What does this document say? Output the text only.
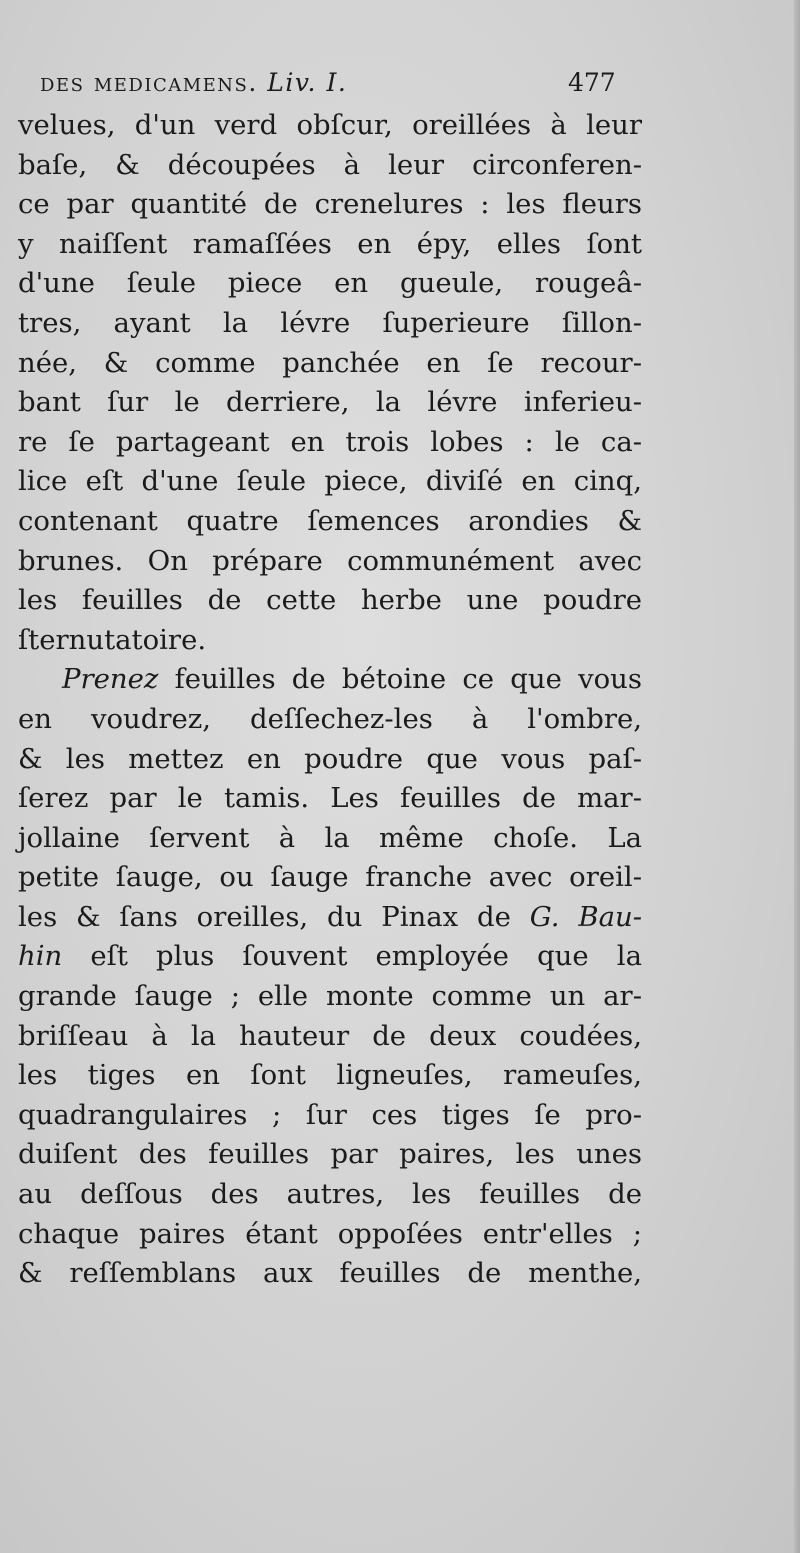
des medicamens. Liv. I.	477
velues, d'un verd obſcur, oreillées à leur
baſe, & découpées à leur circonferen-
ce par quantité de crenelures : les fleurs
y naiſſent ramaſſées en épy, elles ſont
d'une ſeule piece en gueule, rougeâ-
tres, ayant la lévre ſuperieure ſillon-
née, & comme panchée en ſe recour-
bant ſur le derriere, la lévre inferieu-
re ſe partageant en trois lobes : le ca-
lice eſt d'une ſeule piece, diviſé en cinq,
contenant quatre ſemences arondies &
brunes. On prépare communément avec
les feuilles de cette herbe une poudre
ſternutatoire.
Prenez feuilles de bétoine ce que vous
en voudrez, deſſechez-les à l'ombre,
& les mettez en poudre que vous paſ-
ſerez par le tamis. Les feuilles de mar-
jollaine ſervent à la même choſe. La
petite ſauge, ou ſauge franche avec oreil-
les & ſans oreilles, du Pinax de G. Bau-
hin eſt plus ſouvent employée que la
grande ſauge ; elle monte comme un ar-
briſſeau à la hauteur de deux coudées,
les tiges en ſont ligneuſes, rameuſes,
quadrangulaires ; ſur ces tiges ſe pro-
duiſent des feuilles par paires, les unes
au deſſous des autres, les feuilles de
chaque paires étant oppoſées entr'elles ;
& reſſemblans aux feuilles de menthe,
